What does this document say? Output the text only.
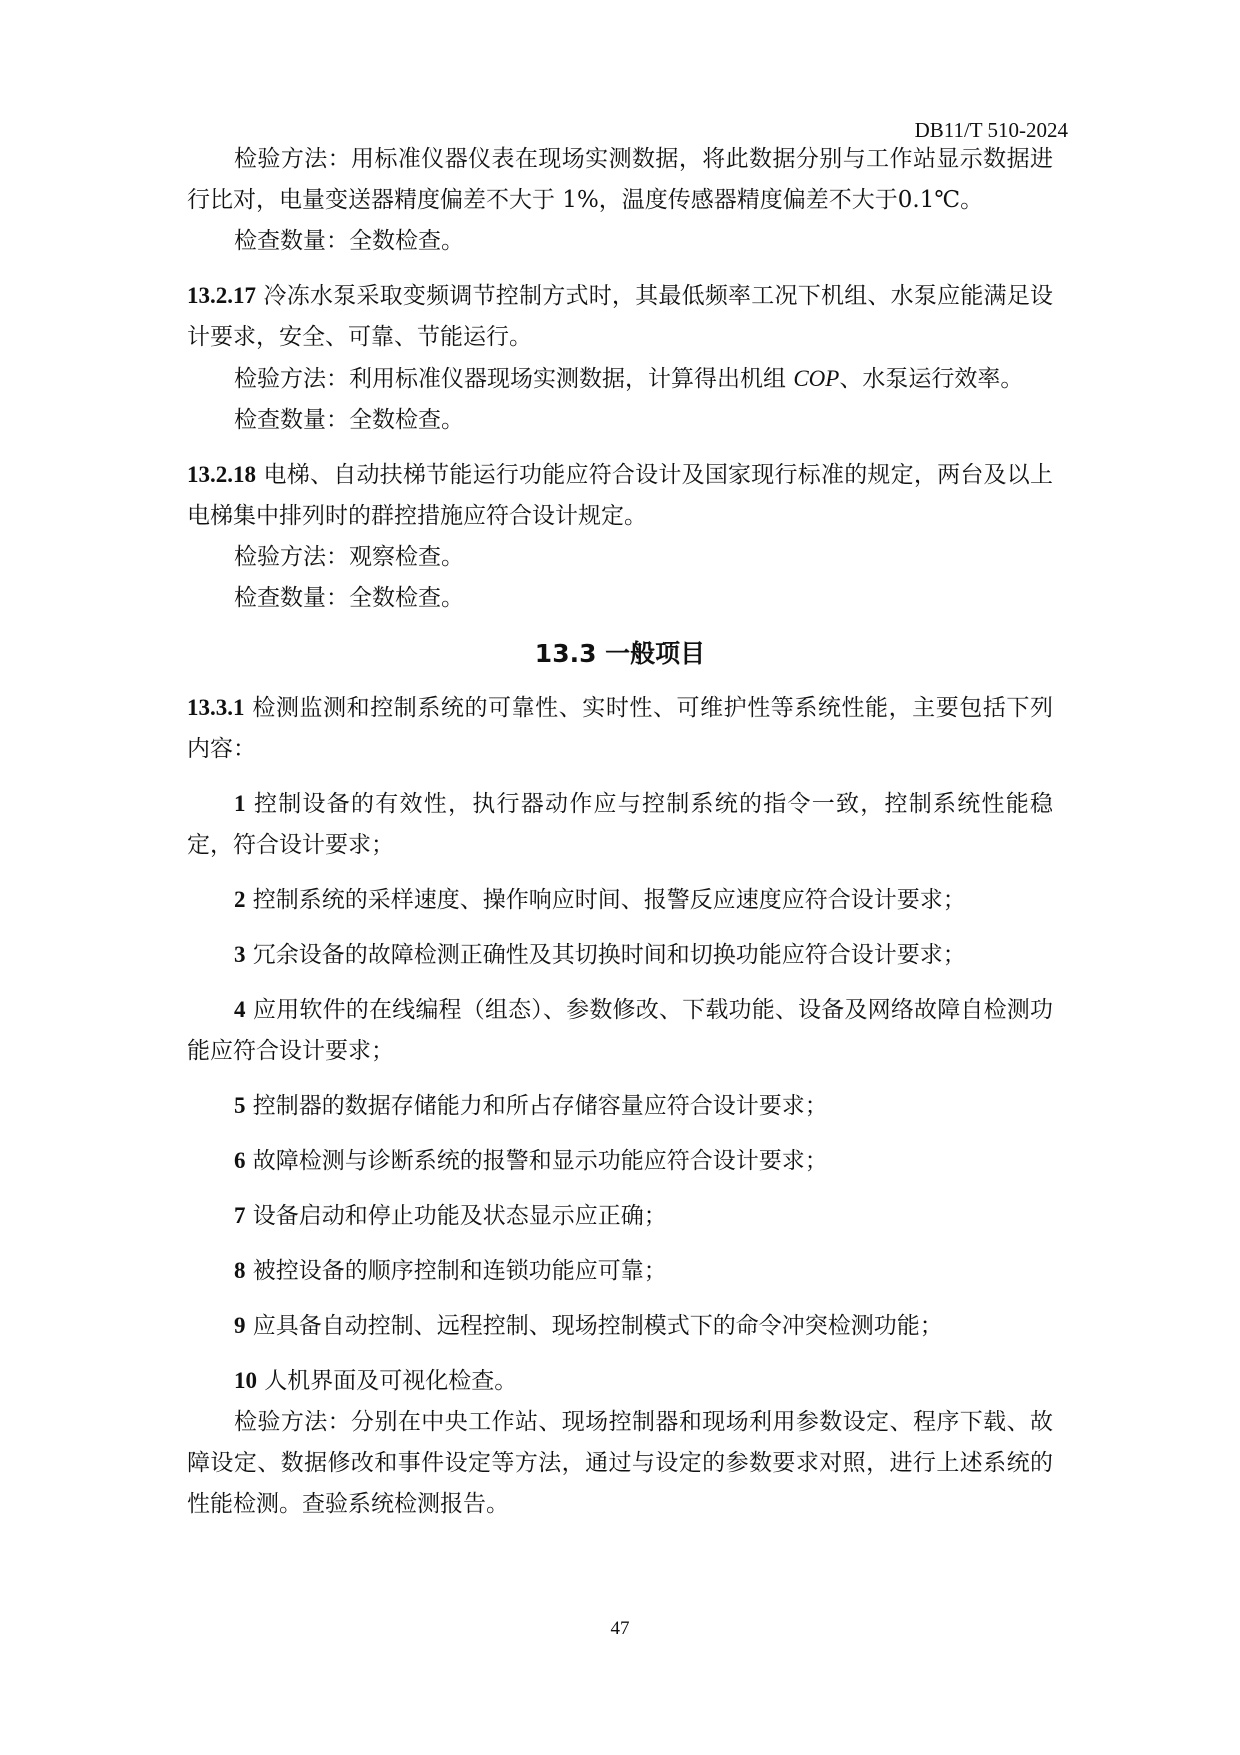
DB11/T 510-2024

检验方法：用标准仪器仪表在现场实测数据，将此数据分别与工作站显示数据进行比对，电量变送器精度偏差不大于 1%，温度传感器精度偏差不大于0.1℃。

检查数量：全数检查。

13.2.17 冷冻水泵采取变频调节控制方式时，其最低频率工况下机组、水泵应能满足设计要求，安全、可靠、节能运行。

检验方法：利用标准仪器现场实测数据，计算得出机组 COP、水泵运行效率。

检查数量：全数检查。

13.2.18 电梯、自动扶梯节能运行功能应符合设计及国家现行标准的规定，两台及以上电梯集中排列时的群控措施应符合设计规定。

检验方法：观察检查。

检查数量：全数检查。

13.3 一般项目

13.3.1 检测监测和控制系统的可靠性、实时性、可维护性等系统性能，主要包括下列内容：

1 控制设备的有效性，执行器动作应与控制系统的指令一致，控制系统性能稳定，符合设计要求；

2 控制系统的采样速度、操作响应时间、报警反应速度应符合设计要求；

3 冗余设备的故障检测正确性及其切换时间和切换功能应符合设计要求；

4 应用软件的在线编程（组态）、参数修改、下载功能、设备及网络故障自检测功能应符合设计要求；

5 控制器的数据存储能力和所占存储容量应符合设计要求；

6 故障检测与诊断系统的报警和显示功能应符合设计要求；

7 设备启动和停止功能及状态显示应正确；

8 被控设备的顺序控制和连锁功能应可靠；

9 应具备自动控制、远程控制、现场控制模式下的命令冲突检测功能；

10 人机界面及可视化检查。

检验方法：分别在中央工作站、现场控制器和现场利用参数设定、程序下载、故障设定、数据修改和事件设定等方法，通过与设定的参数要求对照，进行上述系统的性能检测。查验系统检测报告。

47
